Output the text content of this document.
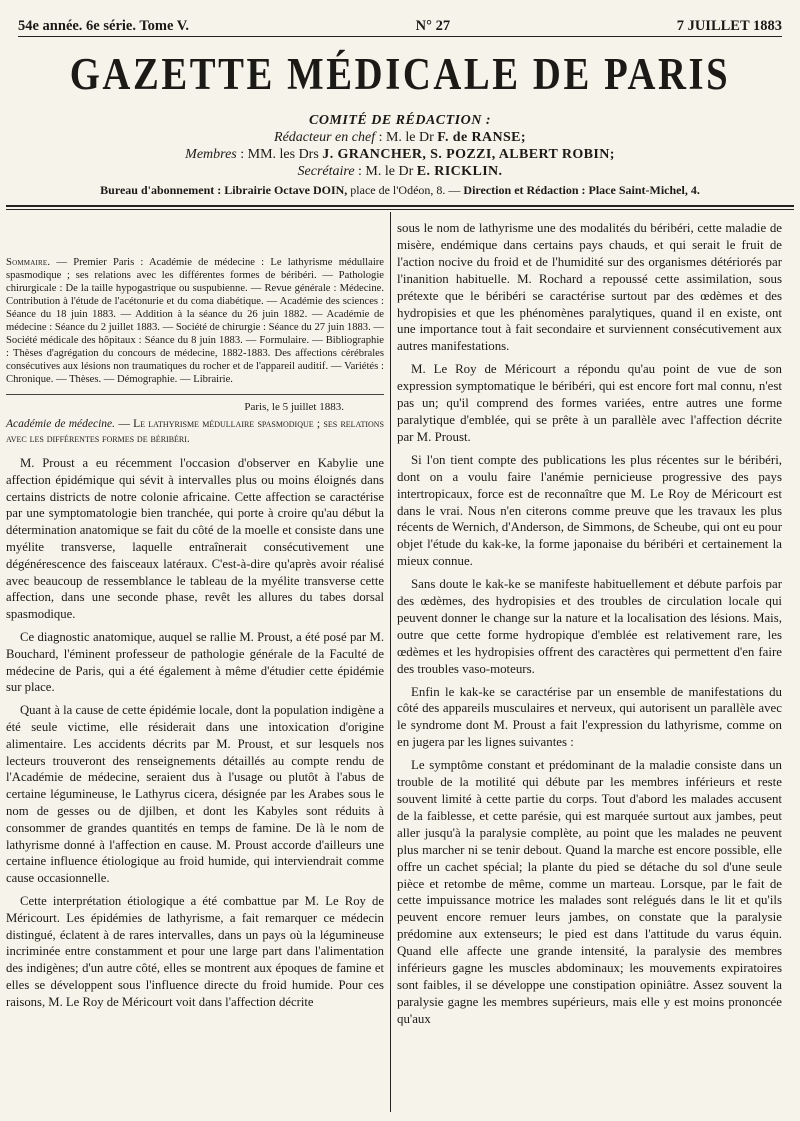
54e année. 6e série. Tome V.	N° 27	7 JUILLET 1883
GAZETTE MÉDICALE DE PARIS
COMITÉ DE RÉDACTION :
Rédacteur en chef : M. le Dr F. de RANSE;
Membres : MM. les Drs J. GRANCHER, S. POZZI, ALBERT ROBIN;
Secrétaire : M. le Dr E. RICKLIN.
Bureau d'abonnement : Librairie Octave DOIN, place de l'Odéon, 8. — Direction et Rédaction : Place Saint-Michel, 4.
Sommaire. — Premier Paris : Académie de médecine : Le lathyrisme médullaire spasmodique ; ses relations avec les différentes formes de béribéri. — Pathologie chirurgicale : De la taille hypogastrique ou suspubienne. — Revue générale : Médecine. Contribution à l'étude de l'acétonurie et du coma diabétique. — Académie des sciences : Séance du 18 juin 1883. — Addition à la séance du 26 juin 1882. — Académie de médecine : Séance du 2 juillet 1883. — Société de chirurgie : Séance du 27 juin 1883. — Société médicale des hôpitaux : Séance du 8 juin 1883. — Formulaire. — Bibliographie : Thèses d'agrégation du concours de médecine, 1882-1883. Des affections cérébrales consécutives aux lésions non traumatiques du rocher et de l'appareil auditif. — Variétés : Chronique. — Thèses. — Démographie. — Librairie.
Paris, le 5 juillet 1883.
Académie de médecine. — Le lathyrisme médullaire spasmodique ; ses relations avec les différentes formes de béribéri.

M. Proust a eu récemment l'occasion d'observer en Kabylie une affection épidémique qui sévit à intervalles plus ou moins éloignés dans certains districts de notre colonie africaine. Cette affection se caractérise par une symptomatologie bien tranchée, qui porte à croire qu'au début la détermination anatomique se fait du côté de la moelle et consiste dans une myélite transverse, laquelle entraînerait consécutivement une dégénérescence des faisceaux latéraux. C'est-à-dire qu'après avoir réalisé avec beaucoup de ressemblance le tableau de la myélite transverse cette affection, dans une seconde phase, revêt les allures du tabes dorsal spasmodique.

Ce diagnostic anatomique, auquel se rallie M. Proust, a été posé par M. Bouchard, l'éminent professeur de pathologie générale de la Faculté de médecine de Paris, qui a été également à même d'étudier cette épidémie sur place.

Quant à la cause de cette épidémie locale, dont la population indigène a été seule victime, elle résiderait dans une intoxication d'origine alimentaire. Les accidents décrits par M. Proust, et sur lesquels nos lecteurs trouveront des renseignements détaillés au compte rendu de l'Académie de médecine, seraient dus à l'usage ou plutôt à l'abus de certaine légumineuse, le Lathyrus cicera, désignée par les Arabes sous le nom de gesses ou de djilben, et dont les Kabyles sont réduits à consommer de grandes quantités en temps de famine. De là le nom de lathyrisme donné à l'affection en cause. M. Proust accorde d'ailleurs une certaine influence étiologique au froid humide, qui interviendrait comme cause occasionnelle.

Cette interprétation étiologique a été combattue par M. Le Roy de Méricourt. Les épidémies de lathyrisme, a fait remarquer ce médecin distingué, éclatent à de rares intervalles, dans un pays où la légumineuse incriminée entre constamment et pour une large part dans l'alimentation des indigènes; d'un autre côté, elles se montrent aux époques de famine et elles se développent sous l'influence directe du froid humide. Pour ces raisons, M. Le Roy de Méricourt voit dans l'affection décrite

sous le nom de lathyrisme une des modalités du béribéri, cette maladie de misère, endémique dans certains pays chauds, et qui serait le fruit de l'action nocive du froid et de l'humidité sur des organismes détériorés par l'inanition habituelle. M. Rochard a repoussé cette assimilation, sous prétexte que le béribéri se caractérise surtout par des œdèmes et des hydropisies et que les phénomènes paralytiques, quand il en existe, ont une importance tout à fait secondaire et surviennent consécutivement aux autres manifestations.

M. Le Roy de Méricourt a répondu qu'au point de vue de son expression symptomatique le béribéri, qui est encore fort mal connu, n'est pas un; qu'il comprend des formes variées, entre autres une forme paralytique d'emblée, qui se prête à un parallèle avec l'affection décrite par M. Proust.

Si l'on tient compte des publications les plus récentes sur le béribéri, dont on a voulu faire l'anémie pernicieuse progressive des pays intertropicaux, force est de reconnaître que M. Le Roy de Méricourt est dans le vrai. Nous n'en citerons comme preuve que les travaux les plus récents de Wernich, d'Anderson, de Simmons, de Scheube, qui ont eu pour objet l'étude du kak-ke, la forme japonaise du béribéri et certainement la mieux connue.

Sans doute le kak-ke se manifeste habituellement et débute parfois par des œdèmes, des hydropisies et des troubles de circulation locale qui peuvent donner le change sur la nature et la localisation des lésions. Mais, outre que cette forme hydropique d'emblée est relativement rare, les œdèmes et les hydropisies offrent des caractères qui permettent d'en faire des troubles vaso-moteurs.

Enfin le kak-ke se caractérise par un ensemble de manifestations du côté des appareils musculaires et nerveux, qui autorisent un parallèle avec le syndrome dont M. Proust a fait l'expression du lathyrisme, comme on en jugera par les lignes suivantes :

Le symptôme constant et prédominant de la maladie consiste dans un trouble de la motilité qui débute par les membres inférieurs et reste souvent limité à cette partie du corps. Tout d'abord les malades accusent de la faiblesse, et cette parésie, qui est marquée surtout aux jambes, peut aller jusqu'à la paralysie complète, au point que les malades ne peuvent plus marcher ni se tenir debout. Quand la marche est encore possible, elle offre un cachet spécial; la plante du pied se détache du sol d'une seule pièce et retombe de même, comme un marteau. Lorsque, par le fait de cette impuissance motrice les malades sont relégués dans le lit et qu'ils peuvent encore remuer leurs jambes, on constate que la paralysie prédomine aux extenseurs; le pied est dans l'attitude du varus équin. Quand elle affecte une grande intensité, la paralysie des membres inférieurs gagne les muscles abdominaux; les mouvements expiratoires sont faibles, il se développe une constipation opiniâtre. Assez souvent la paralysie gagne les membres supérieurs, mais elle y est moins prononcée qu'aux
